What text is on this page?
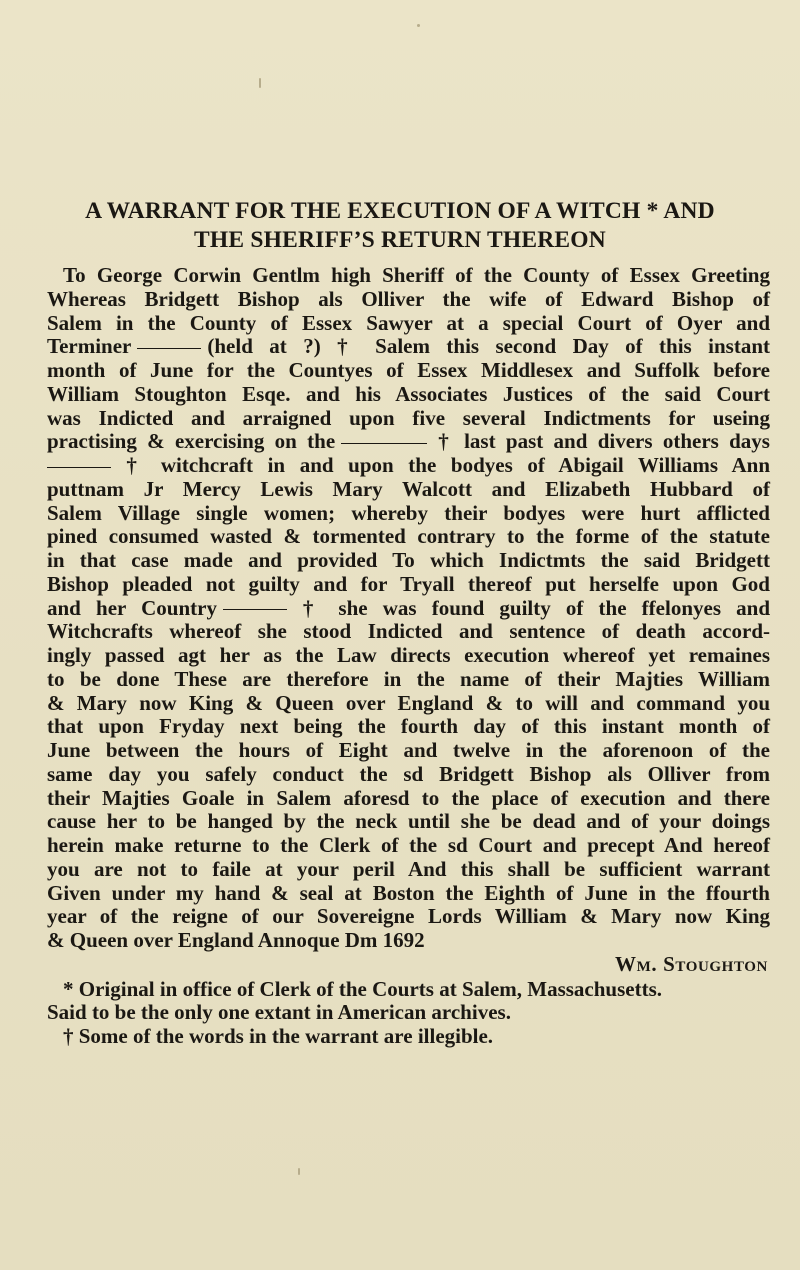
A WARRANT FOR THE EXECUTION OF A WITCH * AND
THE SHERIFF’S RETURN THEREON
To George Corwin Gentlm high Sheriff of the County of Essex Greeting
Whereas Bridgett Bishop als Olliver the wife of Edward Bishop of
Salem in the County of Essex Sawyer at a special Court of Oyer and
Terminer	(held at ?) † Salem this second Day of this instant
month of June for the Countyes of Essex Middlesex and Suffolk before
William Stoughton Esqe. and his Associates Justices of the said Court
was Indicted and arraigned upon five several Indictments for useing
practising & exercising on the	† last past and divers others days
† witchcraft in and upon the bodyes of Abigail Williams Ann
puttnam Jr Mercy Lewis Mary Walcott and Elizabeth Hubbard of
Salem Village single women; whereby their bodyes were hurt afflicted
pined consumed wasted & tormented contrary to the forme of the statute
in that case made and provided To which Indictmts the said Bridgett
Bishop pleaded not guilty and for Tryall thereof put herselfe upon God
and her Country	† she was found guilty of the ffelonyes and
Witchcrafts whereof she stood Indicted and sentence of death accord-
ingly passed agt her as the Law directs execution whereof yet remaines
to be done These are therefore in the name of their Majties William
& Mary now King & Queen over England & to will and command you
that upon Fryday next being the fourth day of this instant month of
June between the hours of Eight and twelve in the aforenoon of the
same day you safely conduct the sd Bridgett Bishop als Olliver from
their Majties Goale in Salem aforesd to the place of execution and there
cause her to be hanged by the neck until she be dead and of your doings
herein make returne to the Clerk of the sd Court and precept And hereof
you are not to faile at your peril And this shall be sufficient warrant
Given under my hand & seal at Boston the Eighth of June in the ffourth
year of the reigne of our Sovereigne Lords William & Mary now King
& Queen over England Annoque Dm 1692
Wm. Stoughton
* Original in office of Clerk of the Courts at Salem, Massachusetts.
Said to be the only one extant in American archives.
† Some of the words in the warrant are illegible.
